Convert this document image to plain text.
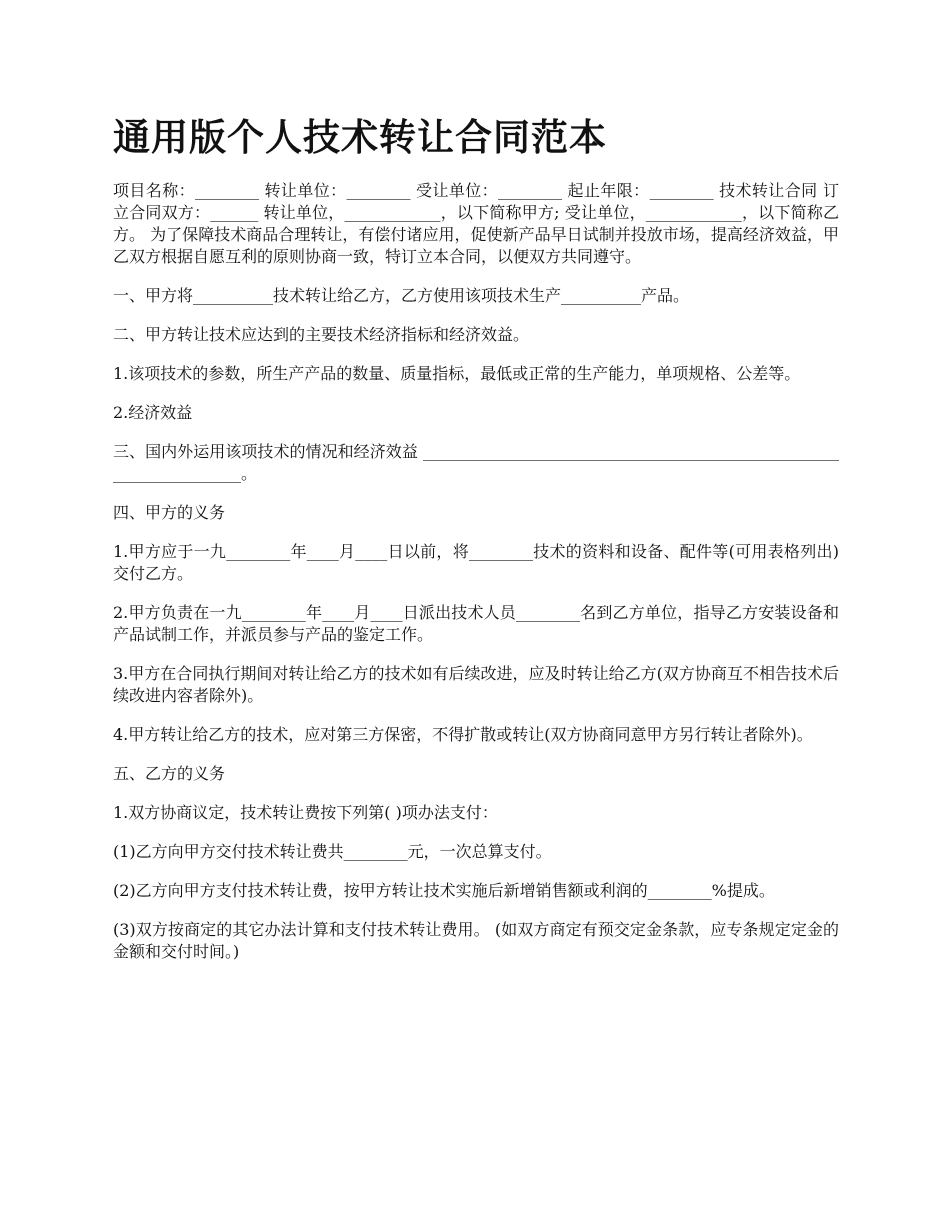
通用版个人技术转让合同范本

项目名称：________ 转让单位：________ 受让单位：________ 起止年限：________ 技术转让合同 订立合同双方：______ 转让单位，____________，以下简称甲方; 受让单位，____________，以下简称乙方。 为了保障技术商品合理转让，有偿付诸应用，促使新产品早日试制并投放市场，提高经济效益，甲乙双方根据自愿互利的原则协商一致，特订立本合同，以便双方共同遵守。

一、甲方将__________技术转让给乙方，乙方使用该项技术生产__________产品。

二、甲方转让技术应达到的主要技术经济指标和经济效益。

1.该项技术的参数，所生产产品的数量、质量指标，最低或正常的生产能力，单项规格、公差等。

2.经济效益

三、国内外运用该项技术的情况和经济效益 ____________________________________________________________________。

四、甲方的义务

1.甲方应于一九________年____月____日以前，将________技术的资料和设备、配件等(可用表格列出)交付乙方。

2.甲方负责在一九________年____月____日派出技术人员________名到乙方单位，指导乙方安装设备和产品试制工作，并派员参与产品的鉴定工作。

3.甲方在合同执行期间对转让给乙方的技术如有后续改进，应及时转让给乙方(双方协商互不相告技术后续改进内容者除外)。

4.甲方转让给乙方的技术，应对第三方保密，不得扩散或转让(双方协商同意甲方另行转让者除外)。

五、乙方的义务

1.双方协商议定，技术转让费按下列第( )项办法支付：

(1)乙方向甲方交付技术转让费共________元，一次总算支付。

(2)乙方向甲方支付技术转让费，按甲方转让技术实施后新增销售额或利润的________%提成。

(3)双方按商定的其它办法计算和支付技术转让费用。 (如双方商定有预交定金条款，应专条规定定金的金额和交付时间。)
